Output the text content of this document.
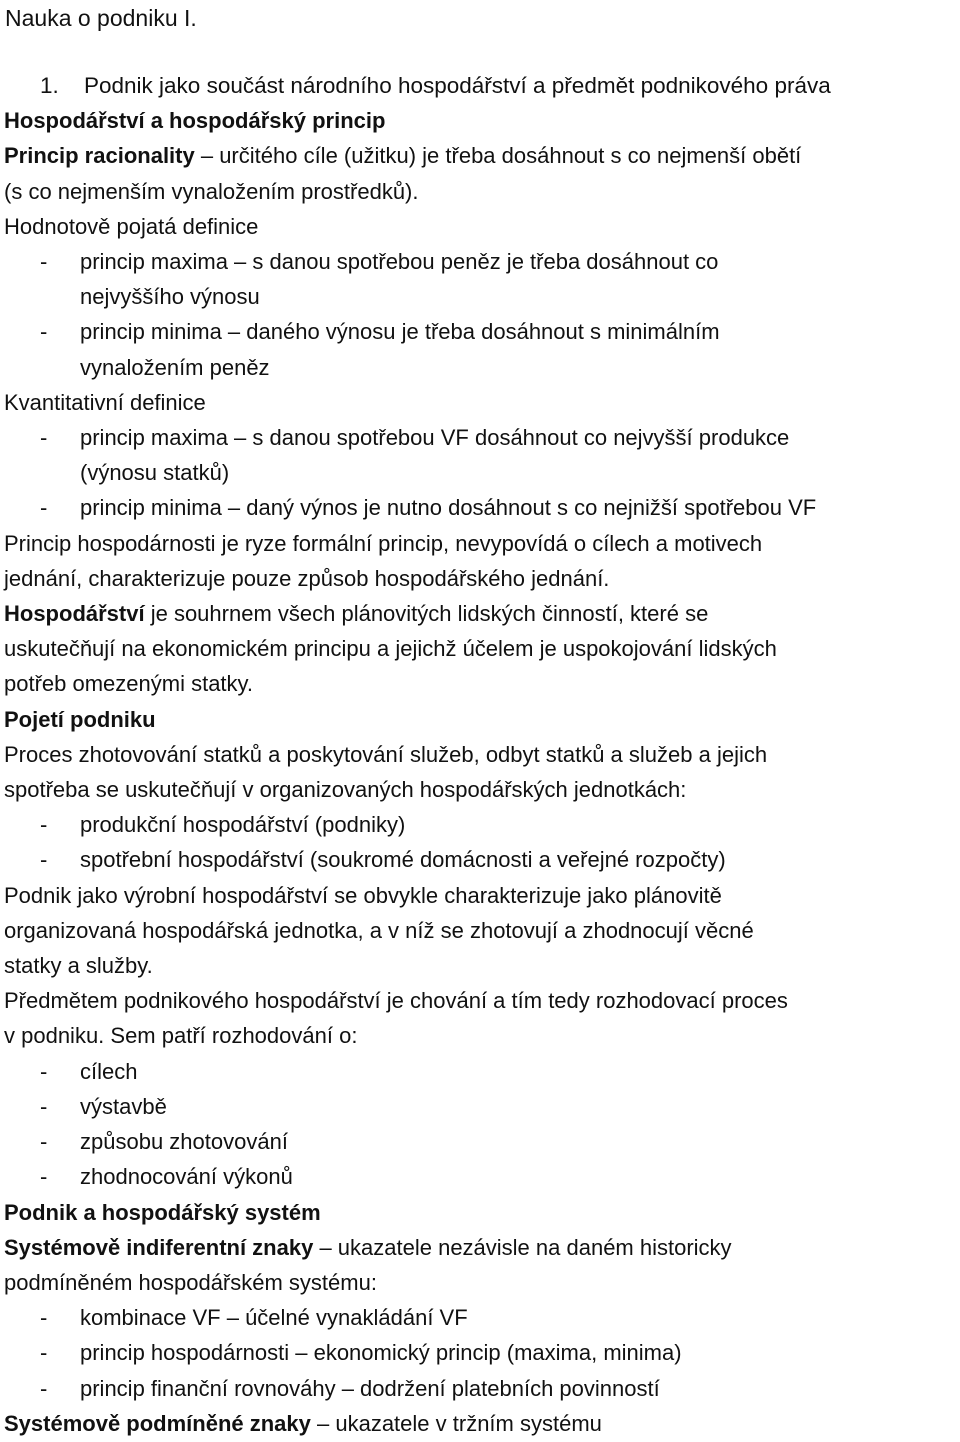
Nauka o podniku I.
1.	Podnik jako součást národního hospodářství a předmět podnikového práva
Hospodářství a hospodářský princip
Princip racionality – určitého cíle (užitku) je třeba dosáhnout s co nejmenší obětí
(s co nejmenším vynaložením prostředků).
Hodnotově pojatá definice
-	princip maxima – s danou spotřebou peněz je třeba dosáhnout co
nejvyššího výnosu
-	princip minima – daného výnosu je třeba dosáhnout s minimálním
vynaložením peněz
Kvantitativní definice
-	princip maxima – s danou spotřebou VF dosáhnout co nejvyšší produkce
(výnosu statků)
-	princip minima – daný výnos je nutno dosáhnout s co nejnižší spotřebou VF
Princip hospodárnosti je ryze formální princip, nevypovídá o cílech a motivech
jednání, charakterizuje pouze způsob hospodářského jednání.
Hospodářství je souhrnem všech plánovitých lidských činností, které se
uskutečňují na ekonomickém principu a jejichž účelem je uspokojování lidských
potřeb omezenými statky.
Pojetí podniku
Proces zhotovování statků a poskytování služeb, odbyt statků a služeb a jejich
spotřeba se uskutečňují v organizovaných hospodářských jednotkách:
-	produkční hospodářství (podniky)
-	spotřební hospodářství (soukromé domácnosti a veřejné rozpočty)
Podnik jako výrobní hospodářství se obvykle charakterizuje jako plánovitě
organizovaná hospodářská jednotka, a v níž se zhotovují a zhodnocují věcné
statky a služby.
Předmětem podnikového hospodářství je chování a tím tedy rozhodovací proces
v podniku. Sem patří rozhodování o:
-	cílech
-	výstavbě
-	způsobu zhotovování
-	zhodnocování výkonů
Podnik a hospodářský systém
Systémově indiferentní znaky – ukazatele nezávisle na daném historicky
podmíněném hospodářském systému:
-	kombinace VF – účelné vynakládání VF
-	princip hospodárnosti – ekonomický princip (maxima, minima)
-	princip finanční rovnováhy – dodržení platebních povinností
Systémově podmíněné znaky – ukazatele v tržním systému
